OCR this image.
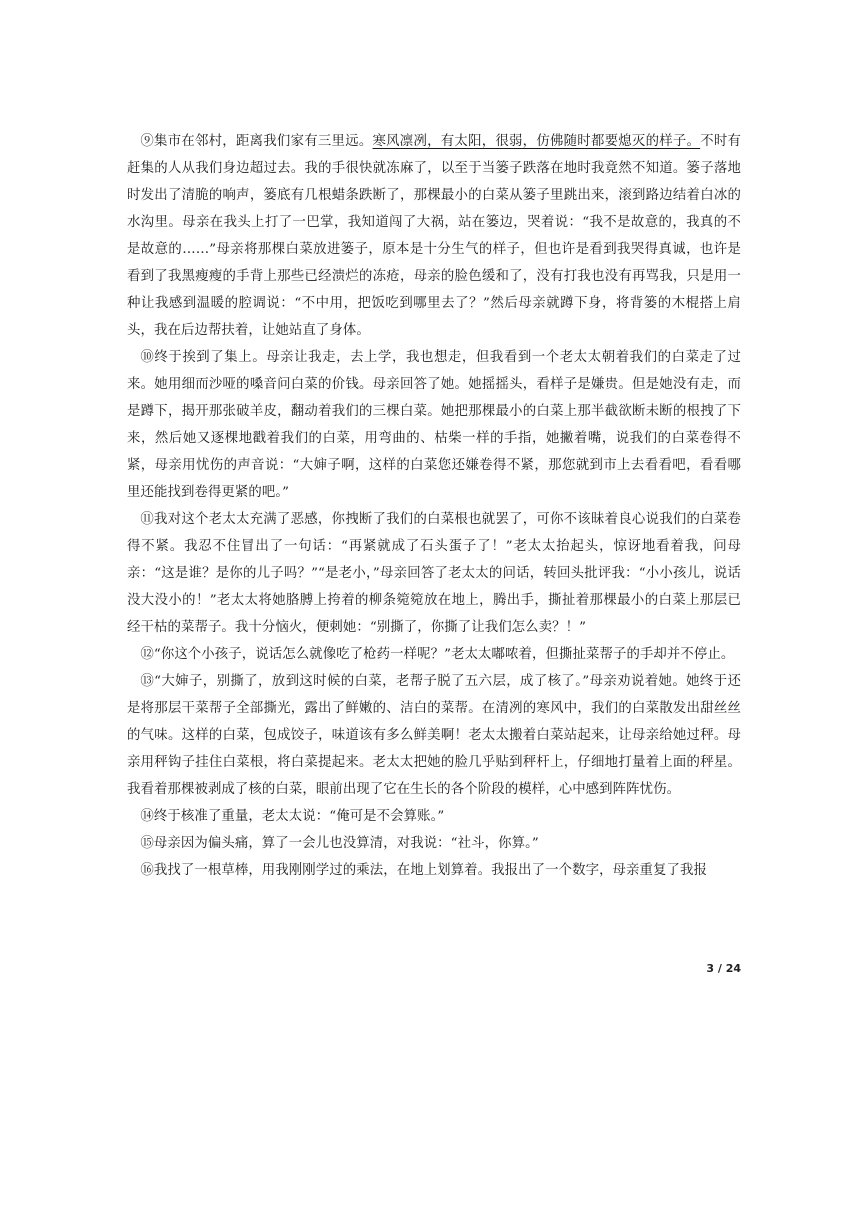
⑨集市在邻村，距离我们家有三里远。寒风凛冽，有太阳，很弱，仿佛随时都要熄灭的样子。不时有赶集的人从我们身边超过去。我的手很快就冻麻了，以至于当篓子跌落在地时我竟然不知道。篓子落地时发出了清脆的响声，篓底有几根蜡条跌断了，那棵最小的白菜从篓子里跳出来，滚到路边结着白冰的水沟里。母亲在我头上打了一巴掌，我知道闯了大祸，站在篓边，哭着说：“我不是故意的，我真的不是故意的……”母亲将那棵白菜放进篓子，原本是十分生气的样子，但也许是看到我哭得真诚，也许是看到了我黑瘦瘦的手背上那些已经溃烂的冻疮，母亲的脸色缓和了，没有打我也没有再骂我，只是用一种让我感到温暖的腔调说：“不中用，把饭吃到哪里去了？”然后母亲就蹲下身，将背篓的木棍搭上肩头，我在后边帮扶着，让她站直了身体。

⑩终于挨到了集上。母亲让我走，去上学，我也想走，但我看到一个老太太朝着我们的白菜走了过来。她用细而沙哑的嗓音问白菜的价钱。母亲回答了她。她摇摇头，看样子是嫌贵。但是她没有走，而是蹲下，揭开那张破羊皮，翻动着我们的三棵白菜。她把那棵最小的白菜上那半截欲断未断的根拽了下来，然后她又逐棵地戳着我们的白菜，用弯曲的、枯柴一样的手指，她撇着嘴，说我们的白菜卷得不紧，母亲用忧伤的声音说：“大婶子啊，这样的白菜您还嫌卷得不紧，那您就到市上去看看吧，看看哪里还能找到卷得更紧的吧。”

⑪我对这个老太太充满了恶感，你拽断了我们的白菜根也就罢了，可你不该昧着良心说我们的白菜卷得不紧。我忍不住冒出了一句话：“再紧就成了石头蛋子了！”老太太抬起头，惊讶地看着我，问母亲：“这是谁？是你的儿子吗？”“是老小，”母亲回答了老太太的问话，转回头批评我：“小小孩儿，说话没大没小的！”老太太将她胳膊上挎着的柳条箢箢放在地上，腾出手，撕扯着那棵最小的白菜上那层已经干枯的菜帮子。我十分恼火，便刺她：“别撕了，你撕了让我们怎么卖？！”

⑫“你这个小孩子，说话怎么就像吃了枪药一样呢？”老太太嘟哝着，但撕扯菜帮子的手却并不停止。

⑬“大婶子，别撕了，放到这时候的白菜，老帮子脱了五六层，成了核了。”母亲劝说着她。她终于还是将那层干菜帮子全部撕光，露出了鲜嫩的、洁白的菜帮。在清冽的寒风中，我们的白菜散发出甜丝丝的气味。这样的白菜，包成饺子，味道该有多么鲜美啊！老太太搬着白菜站起来，让母亲给她过秤。母亲用秤钩子挂住白菜根，将白菜提起来。老太太把她的脸几乎贴到秤杆上，仔细地打量着上面的秤星。我看着那棵被剥成了核的白菜，眼前出现了它在生长的各个阶段的模样，心中感到阵阵忧伤。

⑭终于核准了重量，老太太说：“俺可是不会算账。”

⑮母亲因为偏头痛，算了一会儿也没算清，对我说：“社斗，你算。”

⑯我找了一根草棒，用我刚刚学过的乘法，在地上划算着。我报出了一个数字，母亲重复了我报

3 / 24
